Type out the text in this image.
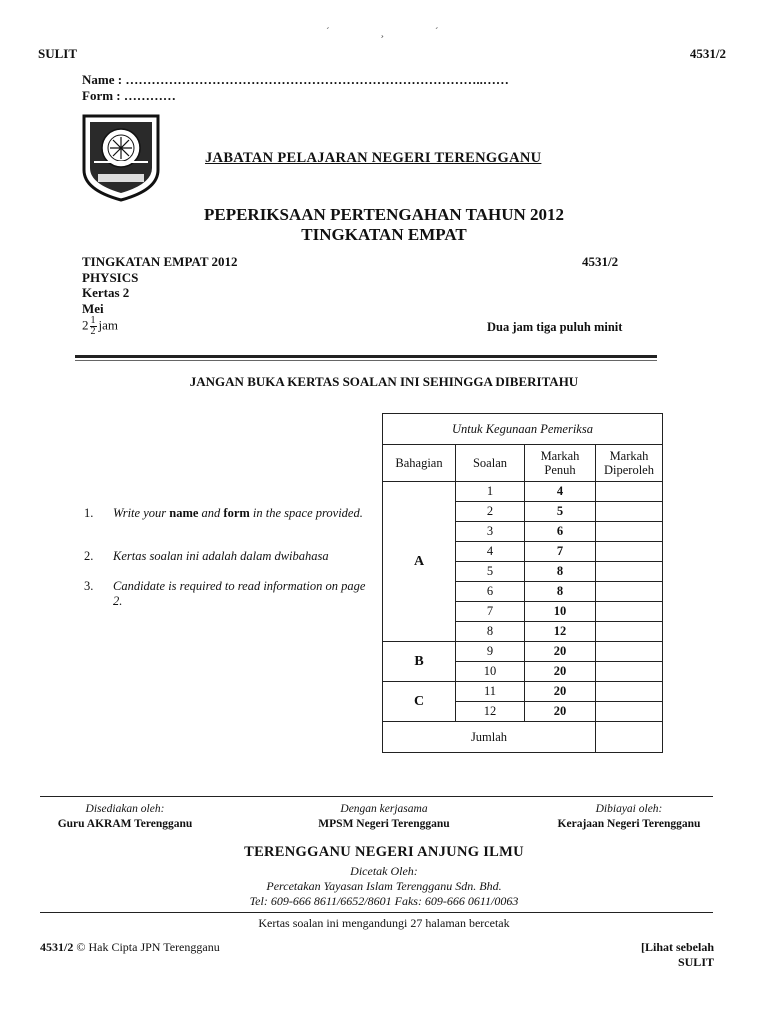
´ ¸ ´
SULIT	4531/2
Name : ………………………………………………………………………..……
Form : …………
JABATAN PELAJARAN NEGERI TERENGGANU
PEPERIKSAAN PERTENGAHAN TAHUN 2012
TINGKATAN EMPAT
TINGKATAN EMPAT 2012
PHYSICS
Kertas 2
Mei
4531/2
$2 \frac{1}{2}$ jam	Dua jam tiga puluh minit
JANGAN BUKA KERTAS SOALAN INI SEHINGGA DIBERITAHU
1. Write your name and form in the space provided.
2. Kertas soalan ini adalah dalam dwibahasa
3. Candidate is required to read information on page 2.
Untuk Kegunaan Pemeriksa			
Bahagian	Soalan	Markah Penuh	Markah Diperoleh
A	1	4	
	2	5	
	3	6	
	4	7	
	5	8	
	6	8	
	7	10	
	8	12	
B	9	20	
	10	20	
C	11	20	
	12	20	
Jumlah			
Disediakan oleh:
Guru AKRAM Terengganu
Dengan kerjasama
MPSM Negeri Terengganu
Dibiayai oleh:
Kerajaan Negeri Terengganu
TERENGGANU NEGERI ANJUNG ILMU
Dicetak Oleh:
Percetakan Yayasan Islam Terengganu Sdn. Bhd.
Tel: 609-666 8611/6652/8601 Faks: 609-666 0611/0063
Kertas soalan ini mengandungi 27 halaman bercetak
4531/2 © Hak Cipta JPN Terengganu	[Lihat sebelah
SULIT
